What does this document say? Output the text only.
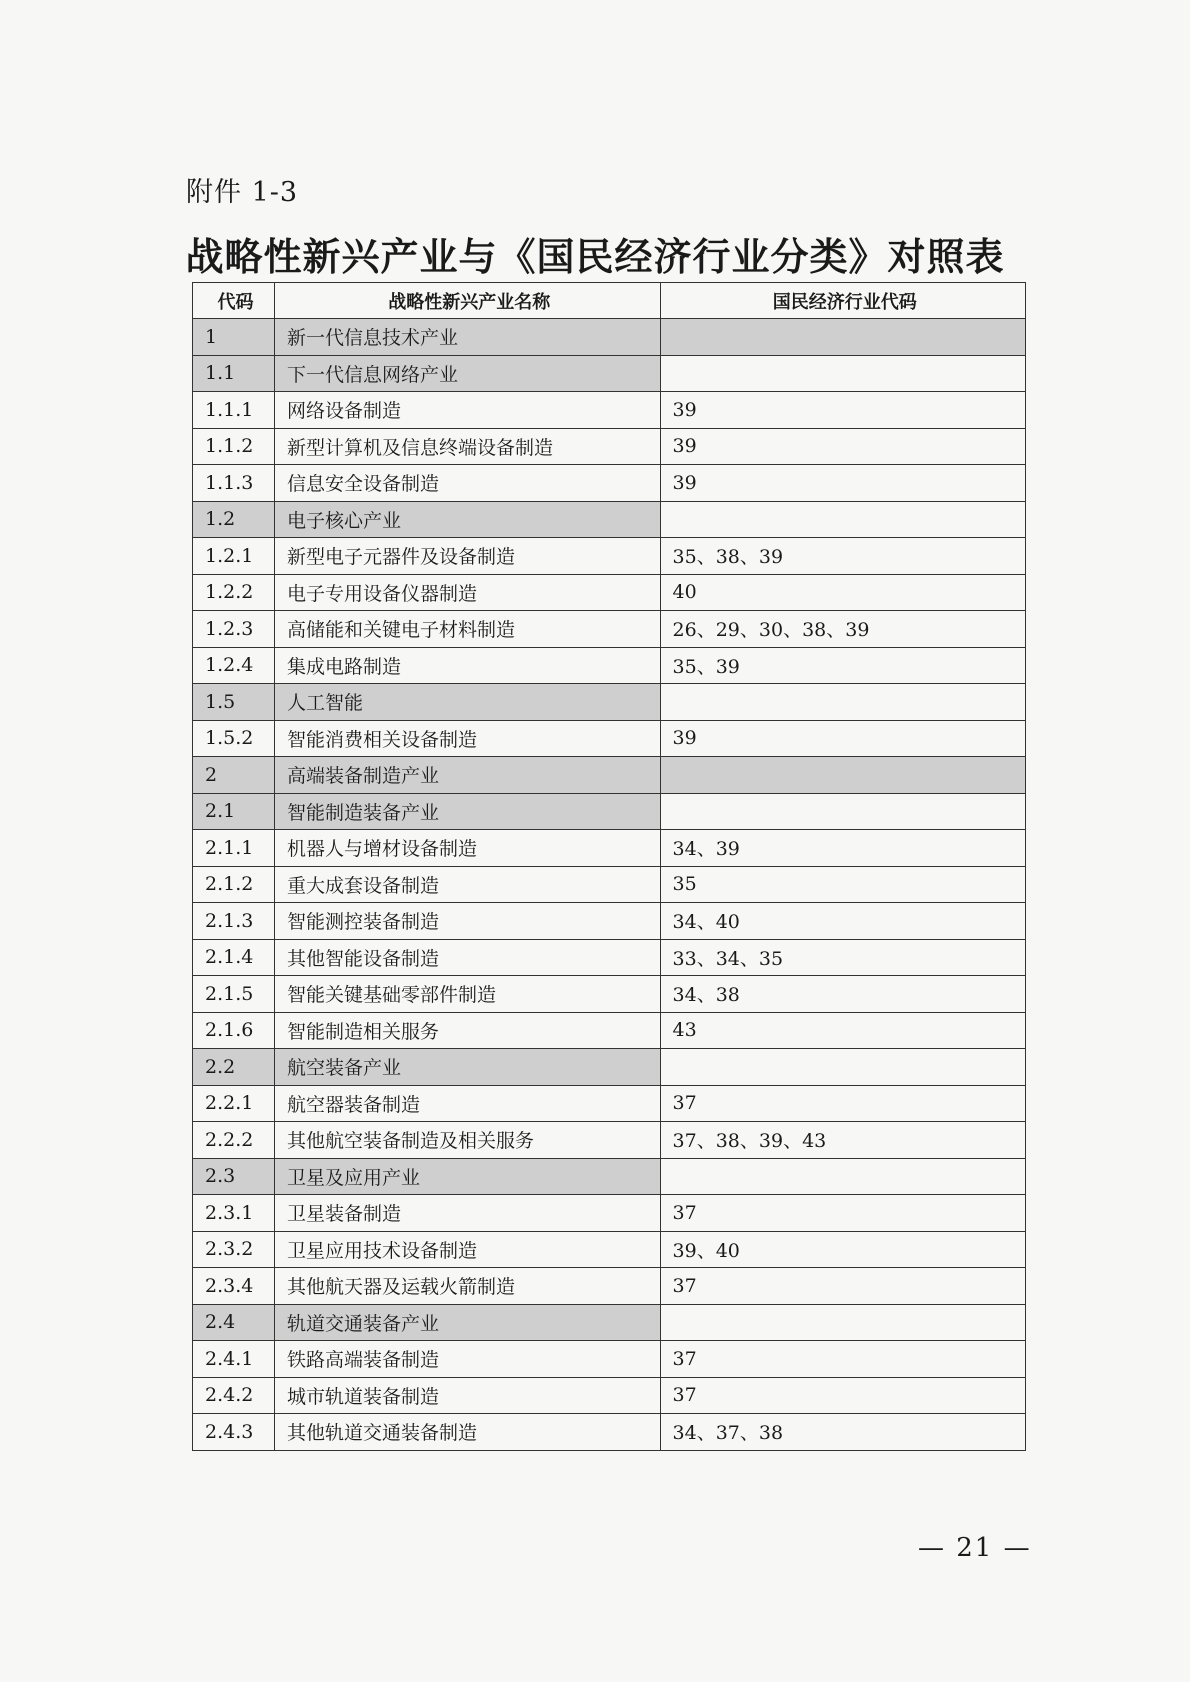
附件 1-3
战略性新兴产业与《国民经济行业分类》对照表
代码	战略性新兴产业名称	国民经济行业代码
1	新一代信息技术产业	
1.1	下一代信息网络产业	
1.1.1	网络设备制造	39
1.1.2	新型计算机及信息终端设备制造	39
1.1.3	信息安全设备制造	39
1.2	电子核心产业	
1.2.1	新型电子元器件及设备制造	35、38、39
1.2.2	电子专用设备仪器制造	40
1.2.3	高储能和关键电子材料制造	26、29、30、38、39
1.2.4	集成电路制造	35、39
1.5	人工智能	
1.5.2	智能消费相关设备制造	39
2	高端装备制造产业	
2.1	智能制造装备产业	
2.1.1	机器人与增材设备制造	34、39
2.1.2	重大成套设备制造	35
2.1.3	智能测控装备制造	34、40
2.1.4	其他智能设备制造	33、34、35
2.1.5	智能关键基础零部件制造	34、38
2.1.6	智能制造相关服务	43
2.2	航空装备产业	
2.2.1	航空器装备制造	37
2.2.2	其他航空装备制造及相关服务	37、38、39、43
2.3	卫星及应用产业	
2.3.1	卫星装备制造	37
2.3.2	卫星应用技术设备制造	39、40
2.3.4	其他航天器及运载火箭制造	37
2.4	轨道交通装备产业	
2.4.1	铁路高端装备制造	37
2.4.2	城市轨道装备制造	37
2.4.3	其他轨道交通装备制造	34、37、38
— 21 —
